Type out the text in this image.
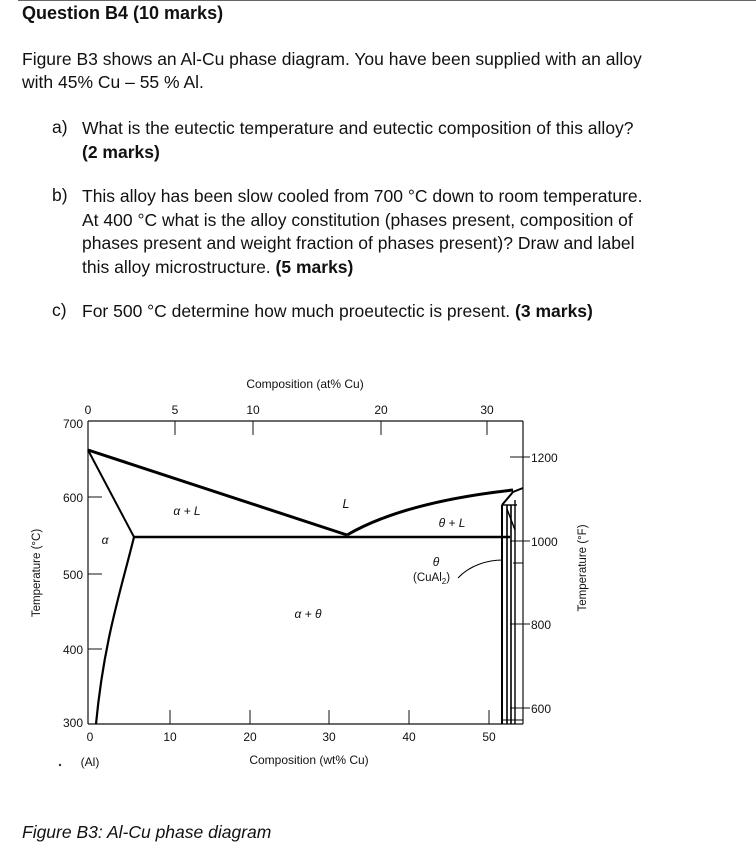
Question B4 (10 marks)
Figure B3 shows an Al-Cu phase diagram. You have been supplied with an alloy
with 45% Cu – 55 % Al.
a) What is the eutectic temperature and eutectic composition of this alloy?
(2 marks)
b) This alloy has been slow cooled from 700 °C down to room temperature.
At 400 °C what is the alloy constitution (phases present, composition of
phases present and weight fraction of phases present)? Draw and label
this alloy microstructure. (5 marks)
c) For 500 °C determine how much proeutectic is present. (3 marks)
Composition (at% Cu)
0	5	10	20	30
700
600
500
400
300
Temperature (°C)
1200
1000
800
600
Temperature (°F)
0	10	20	30	40	50
(Al)	Composition (wt% Cu)
α + L	L
α
θ + L
θ
(CuAl$_2$)
α + θ
Figure B3: Al-Cu phase diagram
